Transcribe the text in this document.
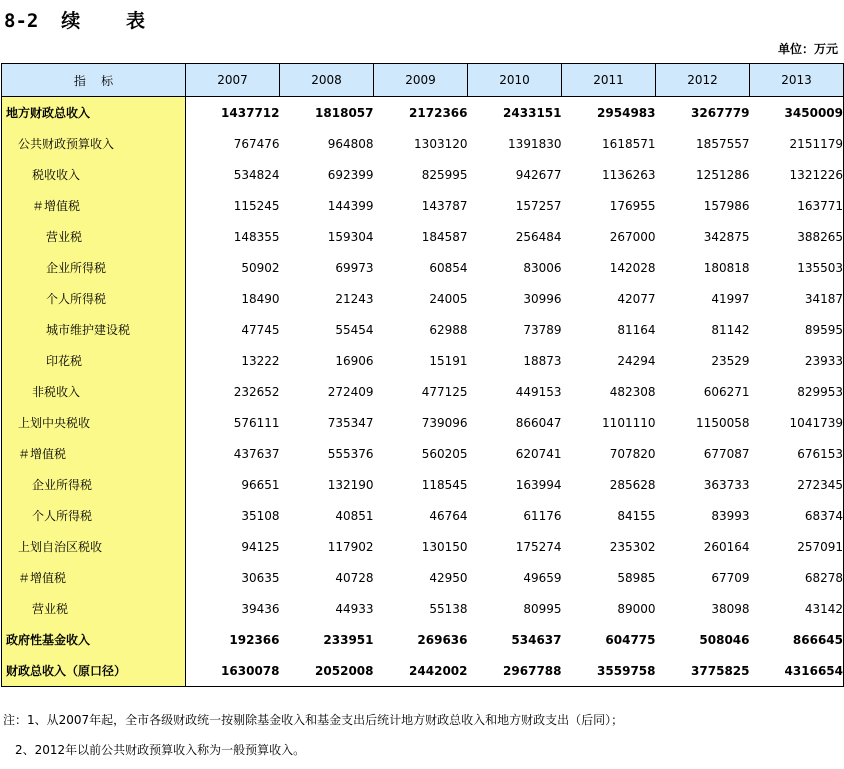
8-2  续    表
单位：万元
指    标	2007	2008	2009	2010	2011	2012	2013
地方财政总收入	1437712	1818057	2172366	2433151	2954983	3267779	3450009
公共财政预算收入	767476	964808	1303120	1391830	1618571	1857557	2151179
税收收入	534824	692399	825995	942677	1136263	1251286	1321226
＃增值税	115245	144399	143787	157257	176955	157986	163771
营业税	148355	159304	184587	256484	267000	342875	388265
企业所得税	50902	69973	60854	83006	142028	180818	135503
个人所得税	18490	21243	24005	30996	42077	41997	34187
城市维护建设税	47745	55454	62988	73789	81164	81142	89595
印花税	13222	16906	15191	18873	24294	23529	23933
非税收入	232652	272409	477125	449153	482308	606271	829953
上划中央税收	576111	735347	739096	866047	1101110	1150058	1041739
＃增值税	437637	555376	560205	620741	707820	677087	676153
企业所得税	96651	132190	118545	163994	285628	363733	272345
个人所得税	35108	40851	46764	61176	84155	83993	68374
上划自治区税收	94125	117902	130150	175274	235302	260164	257091
＃增值税	30635	40728	42950	49659	58985	67709	68278
营业税	39436	44933	55138	80995	89000	38098	43142
政府性基金收入	192366	233951	269636	534637	604775	508046	866645
财政总收入（原口径）	1630078	2052008	2442002	2967788	3559758	3775825	4316654
注：1、从2007年起，全市各级财政统一按剔除基金收入和基金支出后统计地方财政总收入和地方财政支出（后同）；
2、2012年以前公共财政预算收入称为一般预算收入。
